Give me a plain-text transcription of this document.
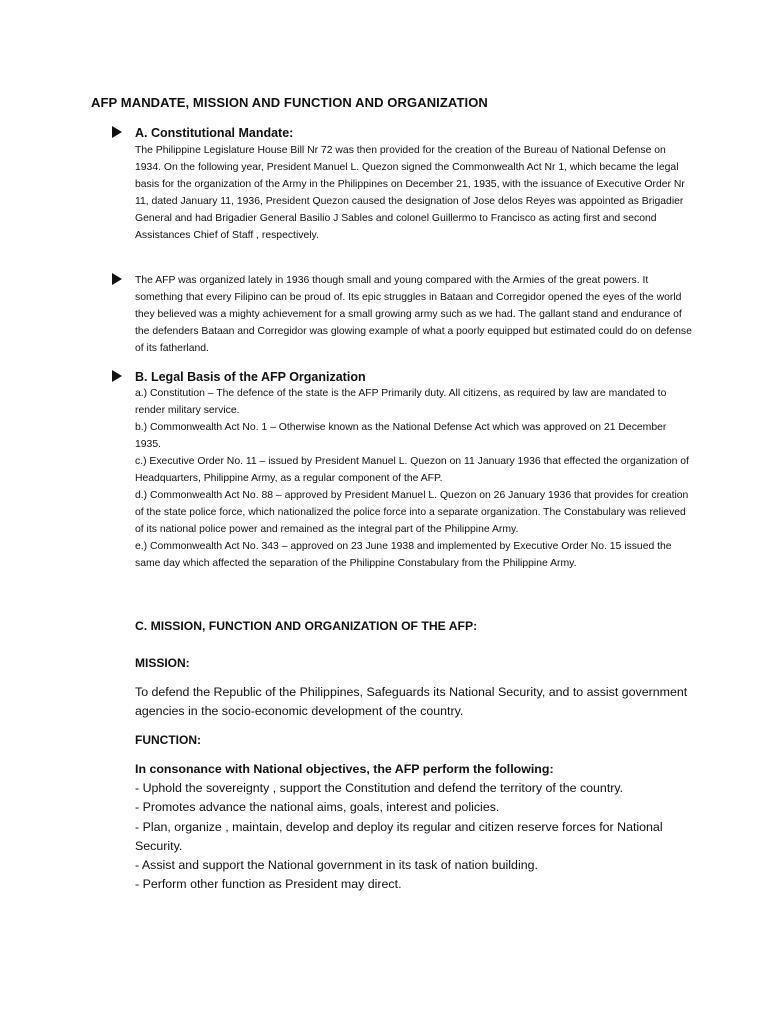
AFP MANDATE, MISSION AND FUNCTION AND ORGANIZATION
A. Constitutional Mandate:
The Philippine Legislature House Bill Nr 72 was then provided for the creation of the Bureau of National Defense on 1934. On the following year, President Manuel L. Quezon signed the Commonwealth Act Nr 1, which became the legal basis for the organization of the Army in the Philippines on December 21, 1935, with the issuance of Executive Order Nr 11, dated January 11, 1936, President Quezon caused the designation of Jose delos Reyes was appointed as Brigadier General and had Brigadier General Basilio J Sables and colonel Guillermo to Francisco as acting first and second Assistances Chief of Staff , respectively.
The AFP was organized lately in 1936 though small and young compared with the Armies of the great powers. It something that every Filipino can be proud of. Its epic struggles in Bataan and Corregidor opened the eyes of the world they believed was a mighty achievement for a small growing army such as we had. The gallant stand and endurance of the defenders Bataan and Corregidor was glowing example of what a poorly equipped but estimated could do on defense of its fatherland.
B. Legal Basis of the AFP Organization

a.) Constitution – The defence of the state is the AFP Primarily duty. All citizens, as required by law are mandated to render military service.

b.) Commonwealth Act No. 1 – Otherwise known as the National Defense Act which was approved on 21 December 1935.

c.) Executive Order No. 11 – issued by President Manuel L. Quezon on 11 January 1936 that effected the organization of Headquarters, Philippine Army, as a regular component of the AFP.

d.) Commonwealth Act No. 88 – approved by President Manuel L. Quezon on 26 January 1936 that provides for creation of the state police force, which nationalized the police force into a separate organization. The Constabulary was relieved of its national police power and remained as the integral part of the Philippine Army.

e.) Commonwealth Act No. 343 – approved on 23 June 1938 and implemented by Executive Order No. 15 issued the same day which affected the separation of the Philippine Constabulary from the Philippine Army.

C. MISSION, FUNCTION AND ORGANIZATION OF THE AFP:
MISSION:
To defend the Republic of the Philippines, Safeguards its National Security, and to assist government agencies in the socio-economic development of the country.
FUNCTION:
In consonance with National objectives, the AFP perform the following:

- Uphold the sovereignty , support the Constitution and defend the territory of the country.

- Promotes advance the national aims, goals, interest and policies.

- Plan, organize , maintain, develop and deploy its regular and citizen reserve forces for National Security.

- Assist and support the National government in its task of nation building.

- Perform other function as President may direct.
